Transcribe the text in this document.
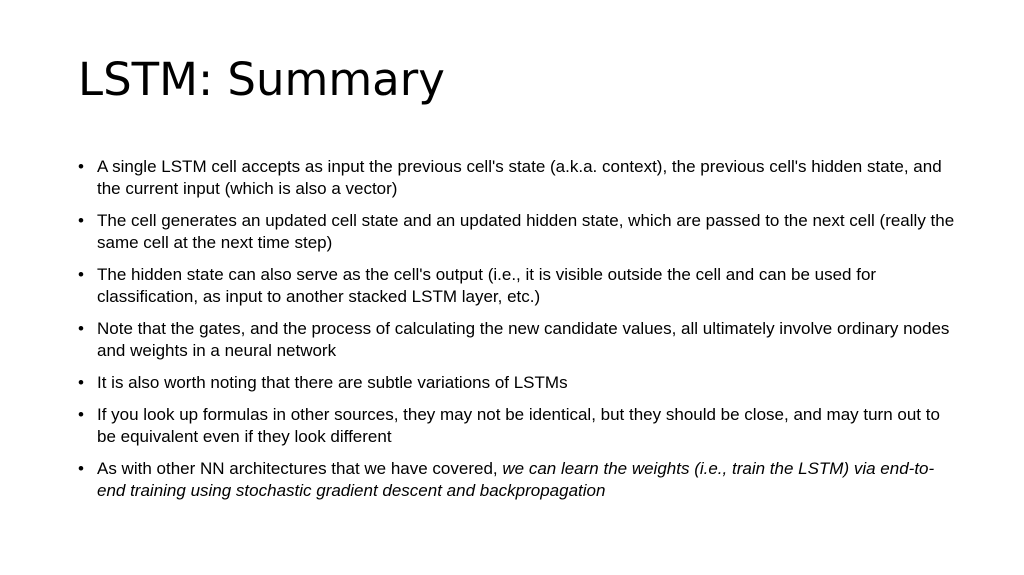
LSTM: Summary
• A single LSTM cell accepts as input the previous cell's state (a.k.a. context), the previous cell's hidden state, and the current input (which is also a vector)
• The cell generates an updated cell state and an updated hidden state, which are passed to the next cell (really the same cell at the next time step)
• The hidden state can also serve as the cell's output (i.e., it is visible outside the cell and can be used for classification, as input to another stacked LSTM layer, etc.)
• Note that the gates, and the process of calculating the new candidate values, all ultimately involve ordinary nodes and weights in a neural network
• It is also worth noting that there are subtle variations of LSTMs
• If you look up formulas in other sources, they may not be identical, but they should be close, and may turn out to be equivalent even if they look different
• As with other NN architectures that we have covered, we can learn the weights (i.e., train the LSTM) via end-to-end training using stochastic gradient descent and backpropagation
